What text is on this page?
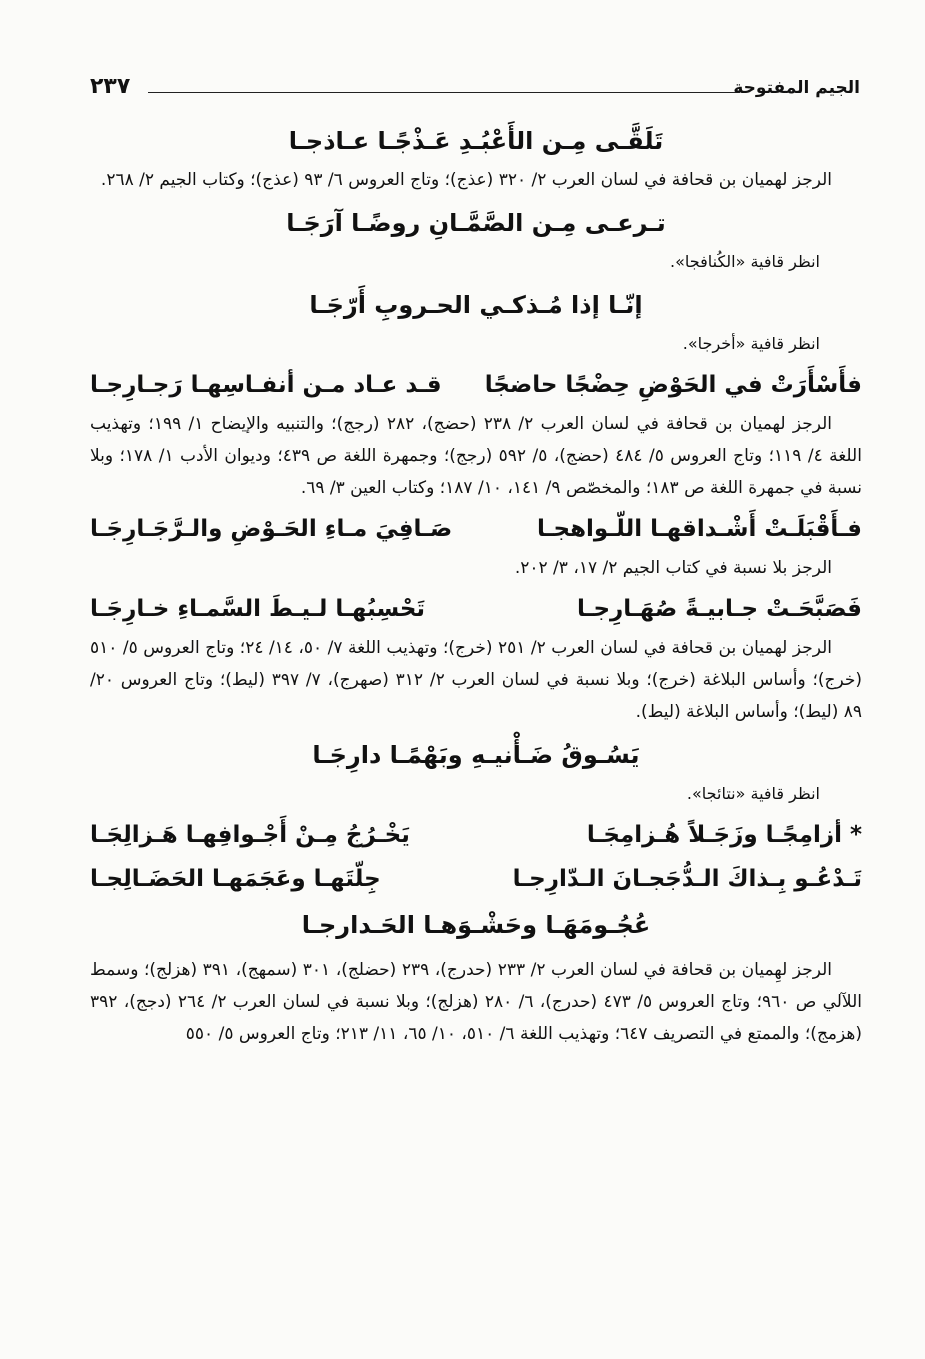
٢٣٧	الجيم المفتوحة
تَلَقَّـى مِـن الأَعْبُـدِ عَـذْجًـا عـاذجـا

الرجز لهميان بن قحافة في لسان العرب ٢/ ٣٢٠ (عذج)؛ وتاج العروس ٦/ ٩٣ (عذج)؛ وكتاب الجيم ٢/ ٢٦٨.

تـرعـى مِـن الصَّمَّـانِ روضًـا آرَجَـا
انظر قافية «الكُنافجا».
إنّـا إذا مُـذكـي الحـروبِ أَرّجَـا
انظر قافية «أخرجا».
فأَسْأَرَتْ في الحَوْضِ حِضْجًا حاضجًا
قـد عـاد مـن أنفـاسِهـا رَجـارِجـا

الرجز لهميان بن قحافة في لسان العرب ٢/ ٢٣٨ (حضج)، ٢٨٢ (رجج)؛ والتنبيه والإيضاح ١/ ١٩٩؛ وتهذيب اللغة ٤/ ١١٩؛ وتاج العروس ٥/ ٤٨٤ (حضج)، ٥/ ٥٩٢ (رجج)؛ وجمهرة اللغة ص ٤٣٩؛ وديوان الأدب ١/ ١٧٨؛ وبلا نسبة في جمهرة اللغة ص ١٨٣؛ والمخصّص ٩/ ١٤١، ١٠/ ١٨٧؛ وكتاب العين ٣/ ٦٩.

فـأَقْبَلَـتْ أَشْـداقهـا اللّـواهجـا
صَـافِيَ مـاءِ الحَـوْضِ والـرَّجَـارِجَـا

الرجز بلا نسبة في كتاب الجيم ٢/ ١٧، ٣/ ٢٠٢.

فَصَبَّحَـتْ جـابيـةً صُهَـارِجـا
تَحْسِبُهـا لـيـطَ السَّمـاءِ خـارِجَـا

الرجز لهميان بن قحافة في لسان العرب ٢/ ٢٥١ (خرج)؛ وتهذيب اللغة ٧/ ٥٠، ١٤/ ٢٤؛ وتاج العروس ٥/ ٥١٠ (خرج)؛ وأساس البلاغة (خرج)؛ وبلا نسبة في لسان العرب ٢/ ٣١٢ (صهرج)، ٧/ ٣٩٧ (ليط)؛ وتاج العروس ٢٠/ ٨٩ (ليط)؛ وأساس البلاغة (ليط).

يَسُـوقُ ضَـأْنيـهِ وبَهْمًـا دارِجَـا
انظر قافية «نتائجا».
* أزامِجًـا وزَجَـلاً هُـزامِجَـا
يَخْـرُجُ مِـنْ أَجْـوافِهـا هَـزالِجَـا
تَـدْعُـو بِـذاكَ الـدُّجَجـانَ الـدّارِجـا
جِلّتَهـا وعَجَمَهـا الحَضَـالِجـا
عُجُـومَهَـا وحَشْـوَهـا الحَـدارجـا

الرجز لهِميان بن قحافة في لسان العرب ٢/ ٢٣٣ (حدرج)، ٢٣٩ (حضلج)، ٣٠١ (سمهج)، ٣٩١ (هزلج)؛ وسمط اللآلي ص ٩٦٠؛ وتاج العروس ٥/ ٤٧٣ (حدرج)، ٦/ ٢٨٠ (هزلج)؛ وبلا نسبة في لسان العرب ٢/ ٢٦٤ (دجج)، ٣٩٢ (هزمج)؛ والممتع في التصريف ٦٤٧؛ وتهذيب اللغة ٦/ ٥١٠، ١٠/ ٦٥، ١١/ ٢١٣؛ وتاج العروس ٥/ ٥٥٠
